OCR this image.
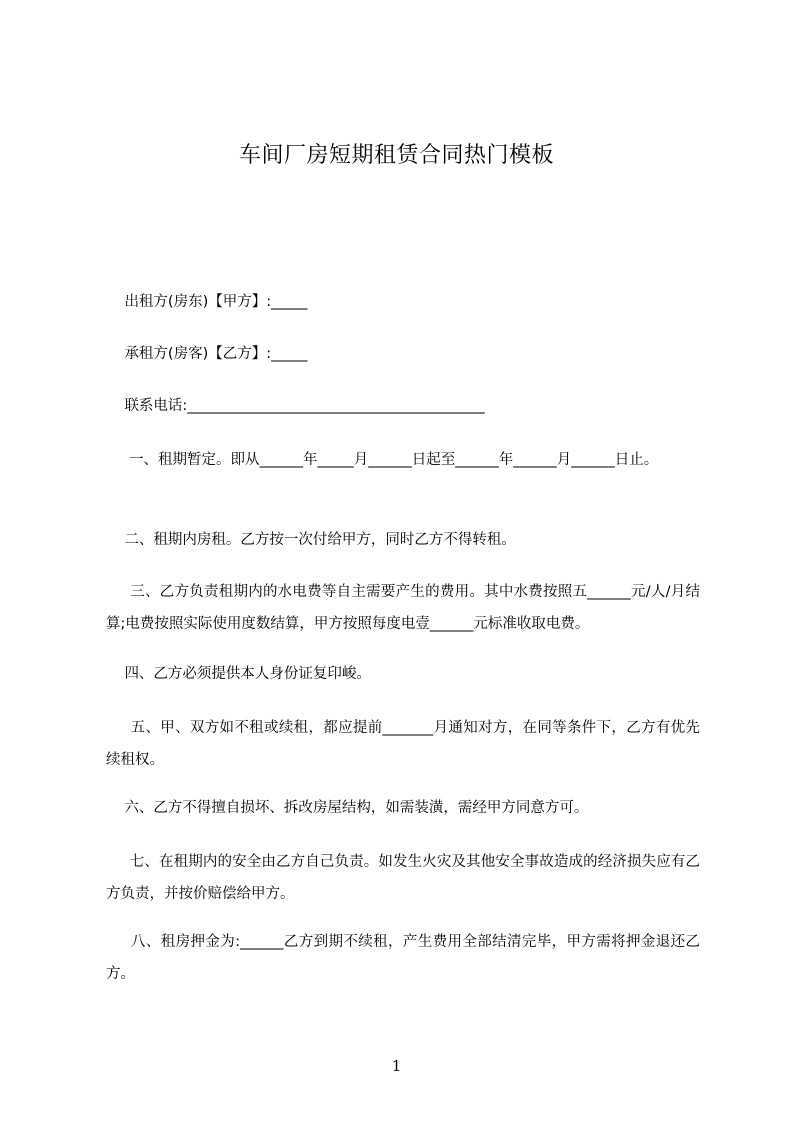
车间厂房短期租赁合同热门模板
出租方(房东)【甲方】:_____
承租方(房客)【乙方】:_____
联系电话:_________________________________________
一、租期暂定。即从______年_____月______日起至______年______月______日止。
二、租期内房租。乙方按一次付给甲方，同时乙方不得转租。
三、乙方负责租期内的水电费等自主需要产生的费用。其中水费按照五______元/人/月结算;电费按照实际使用度数结算，甲方按照每度电壹______元标准收取电费。
四、乙方必须提供本人身份证复印峻。
五、甲、双方如不租或续租，都应提前_______月通知对方，在同等条件下，乙方有优先续租权。
六、乙方不得擅自损坏、拆改房屋结构，如需装潢，需经甲方同意方可。
七、在租期内的安全由乙方自己负责。如发生火灾及其他安全事故造成的经济损失应有乙方负责，并按价赔偿给甲方。
八、租房押金为:______乙方到期不续租，产生费用全部结清完毕，甲方需将押金退还乙方。
1
